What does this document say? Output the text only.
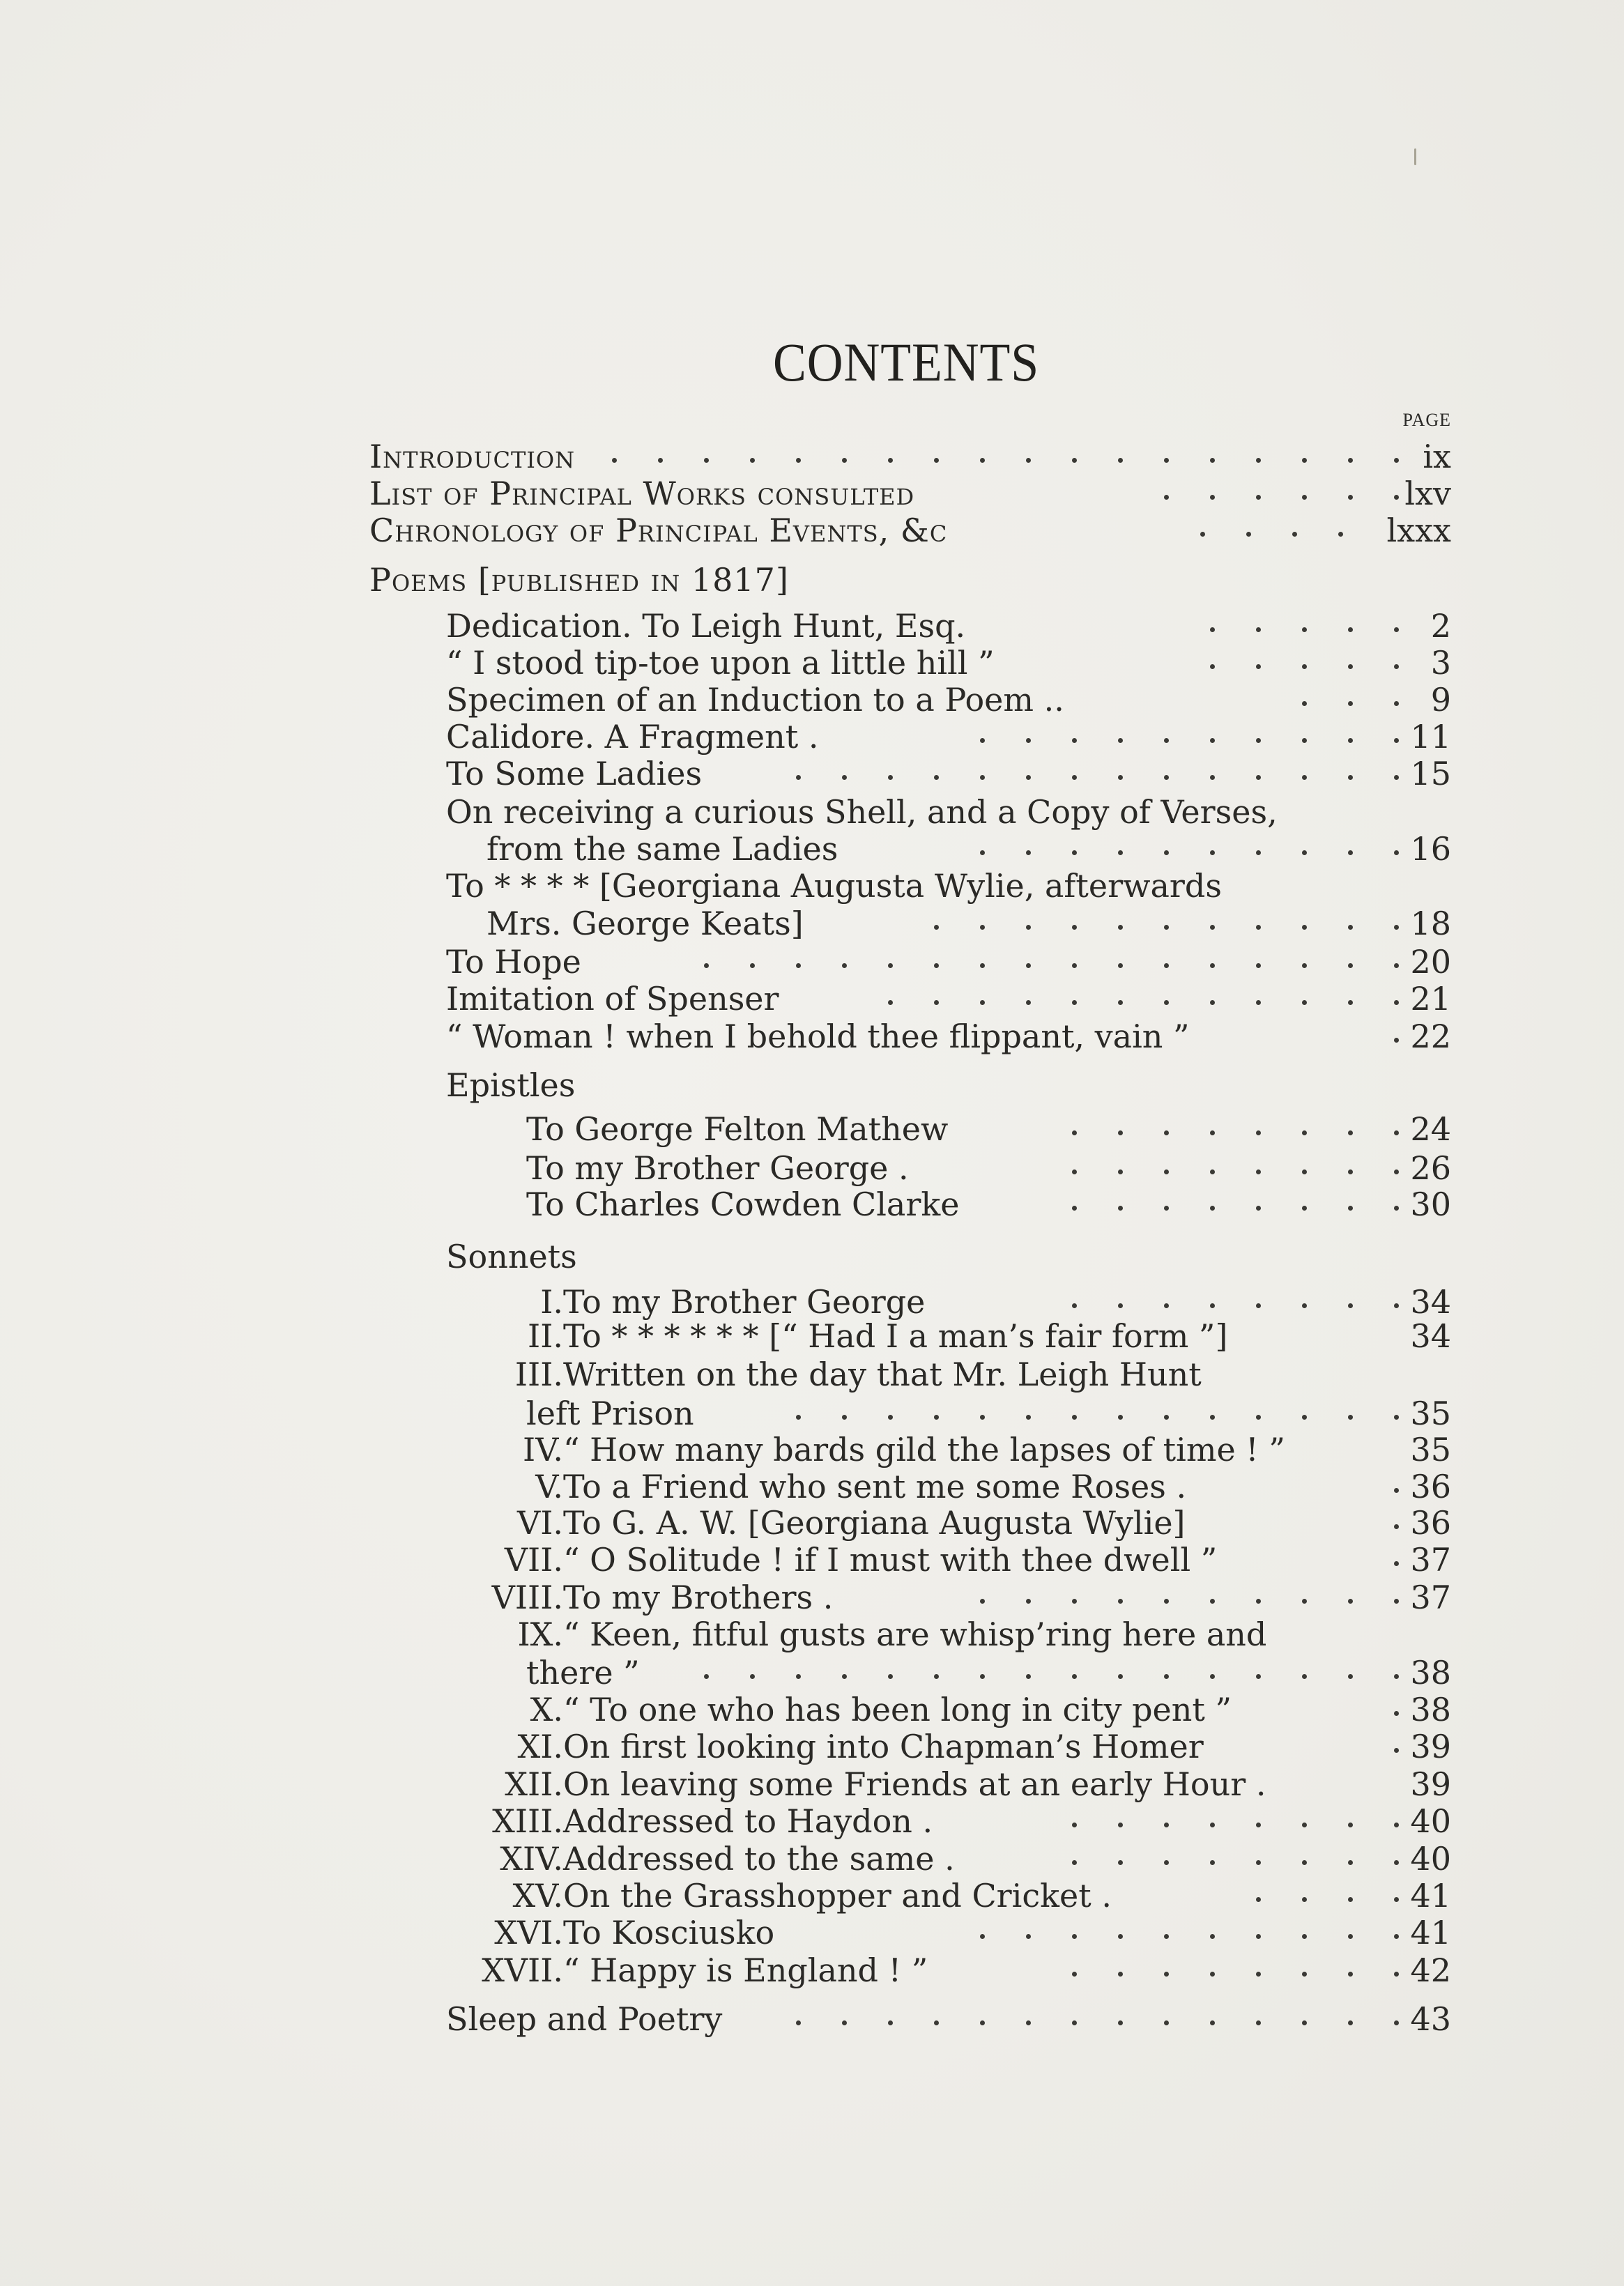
CONTENTS
PAGE
Introduction	ix
List of Principal Works consulted	lxv
Chronology of Principal Events, &c	lxxx
Poems [published in 1817]
Dedication. To Leigh Hunt, Esq.	2
“ I stood tip-toe upon a little hill ”	3
Specimen of an Induction to a Poem ..	9
Calidore. A Fragment .	11
To Some Ladies	15
On receiving a curious Shell, and a Copy of Verses,
from the same Ladies	16
To * * * * [Georgiana Augusta Wylie, afterwards
Mrs. George Keats]	18
To Hope	20
Imitation of Spenser	21
“ Woman ! when I behold thee flippant, vain ”	22
Epistles
To George Felton Mathew	24
To my Brother George .	26
To Charles Cowden Clarke	30
Sonnets
I. To my Brother George	34
II. To * * * * * * [“ Had I a man’s fair form ”]	34
III. Written on the day that Mr. Leigh Hunt
left Prison	35
IV. “ How many bards gild the lapses of time ! ”	35
V. To a Friend who sent me some Roses .	36
VI. To G. A. W. [Georgiana Augusta Wylie]	36
VII. “ O Solitude ! if I must with thee dwell ”	37
VIII. To my Brothers .	37
IX. “ Keen, fitful gusts are whisp’ring here and
there ”	38
X. “ To one who has been long in city pent ”	38
XI. On first looking into Chapman’s Homer	39
XII. On leaving some Friends at an early Hour .	39
XIII. Addressed to Haydon .	40
XIV. Addressed to the same .	40
XV. On the Grasshopper and Cricket .	41
XVI. To Kosciusko	41
XVII. “ Happy is England ! ”	42
Sleep and Poetry	43
